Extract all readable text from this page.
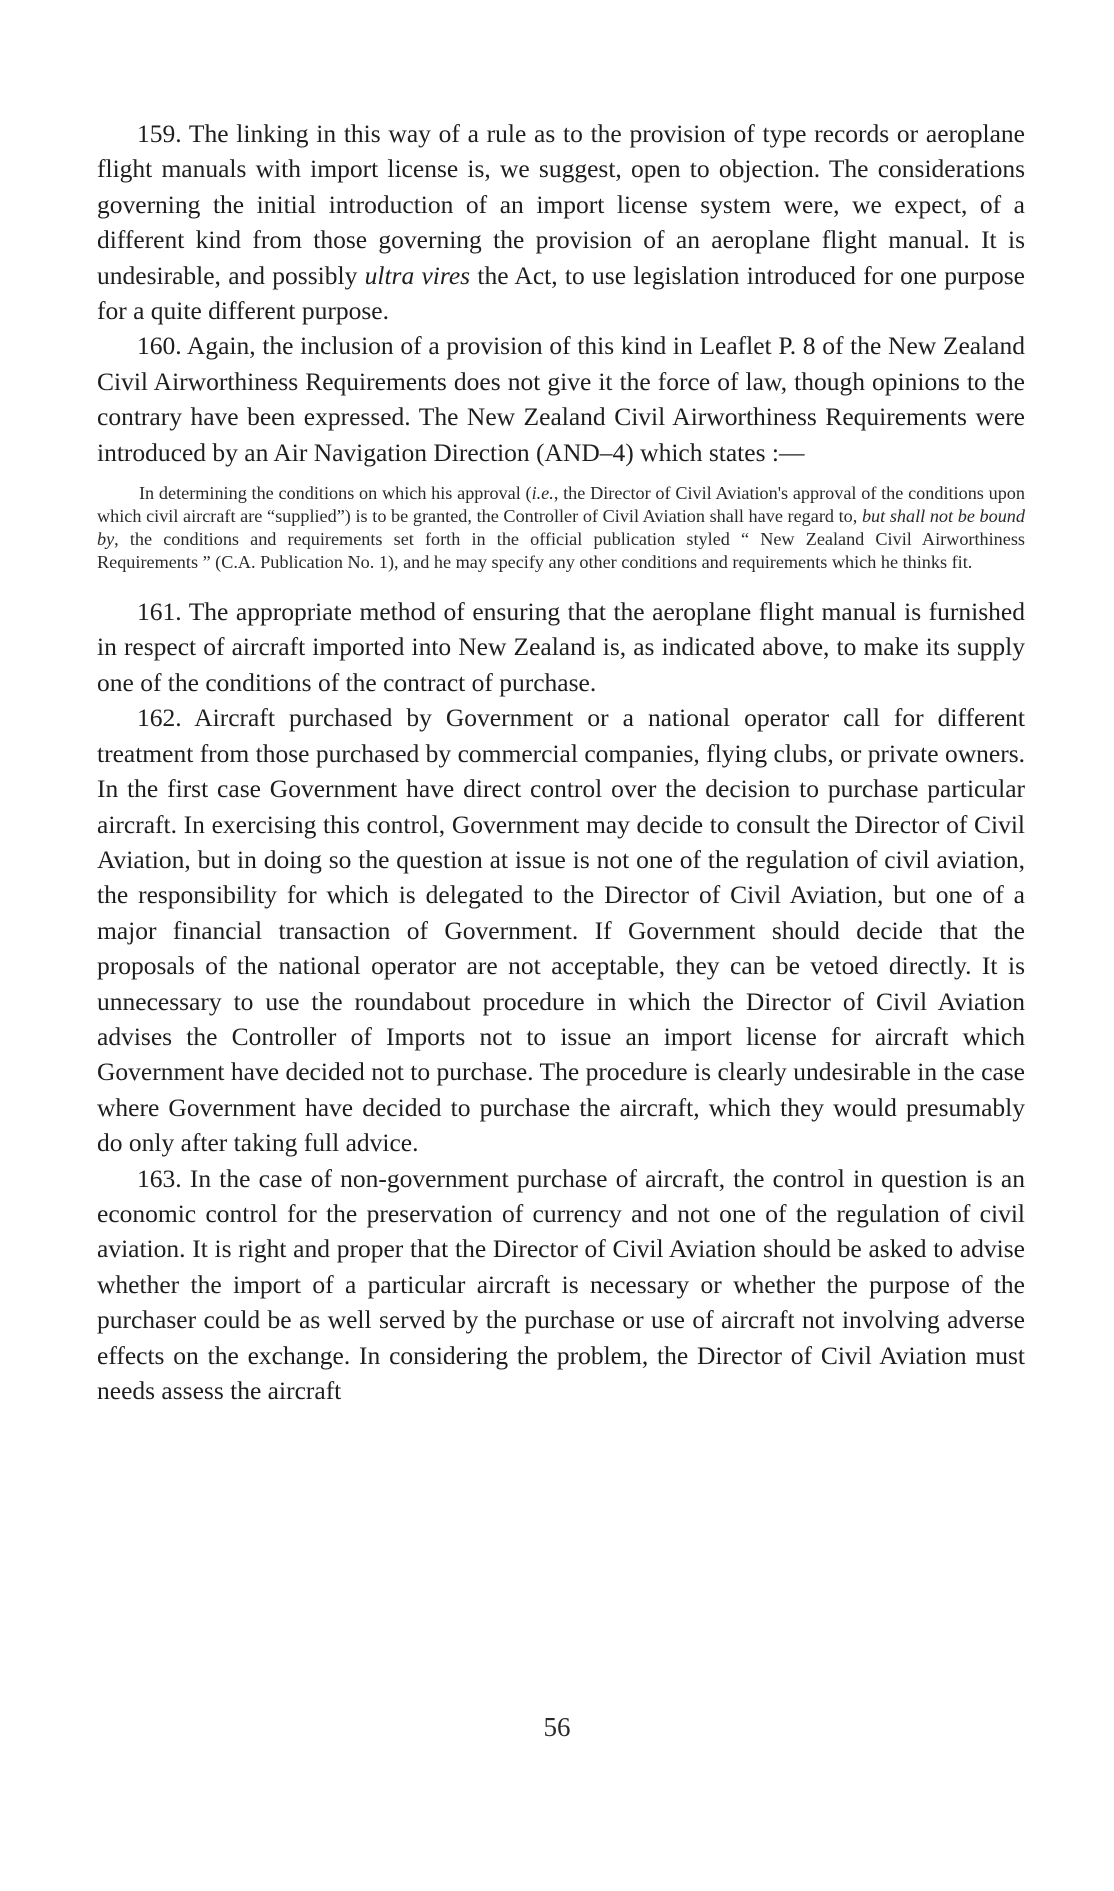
159. The linking in this way of a rule as to the provision of type records or aeroplane flight manuals with import license is, we suggest, open to objection. The considerations governing the initial introduction of an import license system were, we expect, of a different kind from those governing the provision of an aeroplane flight manual. It is undesirable, and possibly ultra vires the Act, to use legislation introduced for one purpose for a quite different purpose.

160. Again, the inclusion of a provision of this kind in Leaflet P. 8 of the New Zealand Civil Airworthiness Requirements does not give it the force of law, though opinions to the contrary have been expressed. The New Zealand Civil Airworthiness Requirements were introduced by an Air Navigation Direction (AND–4) which states :—

In determining the conditions on which his approval (i.e., the Director of Civil Aviation's approval of the conditions upon which civil aircraft are “supplied”) is to be granted, the Controller of Civil Aviation shall have regard to, but shall not be bound by, the conditions and requirements set forth in the official publication styled “ New Zealand Civil Airworthiness Requirements ” (C.A. Publication No. 1), and he may specify any other conditions and requirements which he thinks fit.

161. The appropriate method of ensuring that the aeroplane flight manual is furnished in respect of aircraft imported into New Zealand is, as indicated above, to make its supply one of the conditions of the contract of purchase.

162. Aircraft purchased by Government or a national operator call for different treatment from those purchased by commercial companies, flying clubs, or private owners. In the first case Government have direct control over the decision to purchase particular aircraft. In exercising this control, Government may decide to consult the Director of Civil Aviation, but in doing so the question at issue is not one of the regulation of civil aviation, the responsibility for which is delegated to the Director of Civil Aviation, but one of a major financial transaction of Government. If Government should decide that the proposals of the national operator are not acceptable, they can be vetoed directly. It is unnecessary to use the roundabout procedure in which the Director of Civil Aviation advises the Controller of Imports not to issue an import license for aircraft which Government have decided not to purchase. The procedure is clearly undesirable in the case where Government have decided to purchase the aircraft, which they would presumably do only after taking full advice.

163. In the case of non-government purchase of aircraft, the control in question is an economic control for the preservation of currency and not one of the regulation of civil aviation. It is right and proper that the Director of Civil Aviation should be asked to advise whether the import of a particular aircraft is necessary or whether the purpose of the purchaser could be as well served by the purchase or use of aircraft not involving adverse effects on the exchange. In considering the problem, the Director of Civil Aviation must needs assess the aircraft

56
